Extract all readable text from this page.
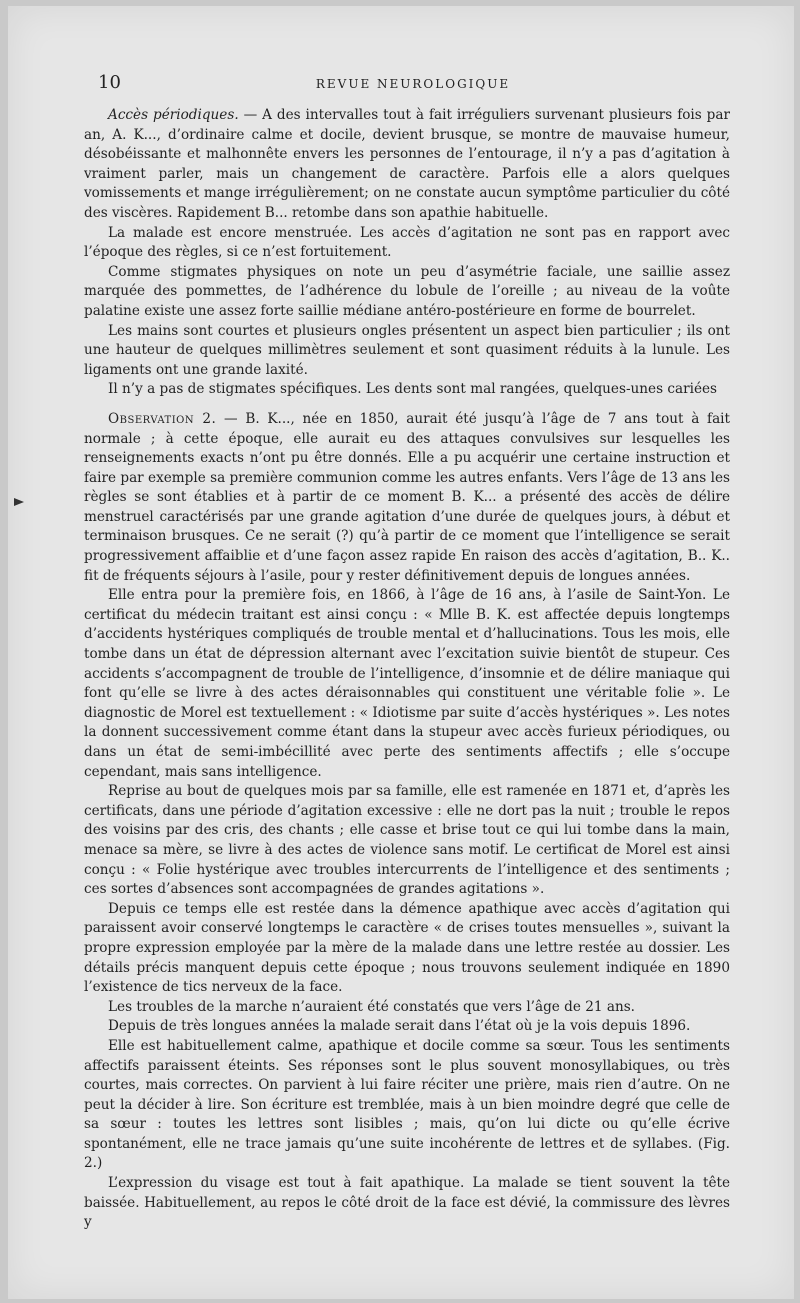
10	REVUE NEUROLOGIQUE

Accès périodiques. — A des intervalles tout à fait irréguliers survenant plusieurs fois par an, A. K..., d’ordinaire calme et docile, devient brusque, se montre de mauvaise humeur, désobéissante et malhonnête envers les personnes de l’entourage, il n’y a pas d’agitation à vraiment parler, mais un changement de caractère. Parfois elle a alors quelques vomissements et mange irrégulièrement; on ne constate aucun symptôme particulier du côté des viscères. Rapidement B... retombe dans son apathie habituelle.

La malade est encore menstruée. Les accès d’agitation ne sont pas en rapport avec l’époque des règles, si ce n’est fortuitement.

Comme stigmates physiques on note un peu d’asymétrie faciale, une saillie assez marquée des pommettes, de l’adhérence du lobule de l’oreille ; au niveau de la voûte palatine existe une assez forte saillie médiane antéro-postérieure en forme de bourrelet.

Les mains sont courtes et plusieurs ongles présentent un aspect bien particulier ; ils ont une hauteur de quelques millimètres seulement et sont quasiment réduits à la lunule. Les ligaments ont une grande laxité.

Il n’y a pas de stigmates spécifiques. Les dents sont mal rangées, quelques-unes cariées

Observation 2. — B. K..., née en 1850, aurait été jusqu’à l’âge de 7 ans tout à fait normale ; à cette époque, elle aurait eu des attaques convulsives sur lesquelles les renseignements exacts n’ont pu être donnés. Elle a pu acquérir une certaine instruction et faire par exemple sa première communion comme les autres enfants. Vers l’âge de 13 ans les règles se sont établies et à partir de ce moment B. K... a présenté des accès de délire menstruel caractérisés par une grande agitation d’une durée de quelques jours, à début et terminaison brusques. Ce ne serait (?) qu’à partir de ce moment que l’intelligence se serait progressivement affaiblie et d’une façon assez rapide En raison des accès d’agitation, B.. K.. fit de fréquents séjours à l’asile, pour y rester définitivement depuis de longues années.

Elle entra pour la première fois, en 1866, à l’âge de 16 ans, à l’asile de Saint-Yon. Le certificat du médecin traitant est ainsi conçu : « Mlle B. K. est affectée depuis longtemps d’accidents hystériques compliqués de trouble mental et d’hallucinations. Tous les mois, elle tombe dans un état de dépression alternant avec l’excitation suivie bientôt de stupeur. Ces accidents s’accompagnent de trouble de l’intelligence, d’insomnie et de délire maniaque qui font qu’elle se livre à des actes déraisonnables qui constituent une véritable folie ». Le diagnostic de Morel est textuellement : « Idiotisme par suite d’accès hystériques ». Les notes la donnent successivement comme étant dans la stupeur avec accès furieux périodiques, ou dans un état de semi-imbécillité avec perte des sentiments affectifs ; elle s’occupe cependant, mais sans intelligence.

Reprise au bout de quelques mois par sa famille, elle est ramenée en 1871 et, d’après les certificats, dans une période d’agitation excessive : elle ne dort pas la nuit ; trouble le repos des voisins par des cris, des chants ; elle casse et brise tout ce qui lui tombe dans la main, menace sa mère, se livre à des actes de violence sans motif. Le certificat de Morel est ainsi conçu : « Folie hystérique avec troubles intercurrents de l’intelligence et des sentiments ; ces sortes d’absences sont accompagnées de grandes agitations ».

Depuis ce temps elle est restée dans la démence apathique avec accès d’agitation qui paraissent avoir conservé longtemps le caractère « de crises toutes mensuelles », suivant la propre expression employée par la mère de la malade dans une lettre restée au dossier. Les détails précis manquent depuis cette époque ; nous trouvons seulement indiquée en 1890 l’existence de tics nerveux de la face.

Les troubles de la marche n’auraient été constatés que vers l’âge de 21 ans.

Depuis de très longues années la malade serait dans l’état où je la vois depuis 1896.

Elle est habituellement calme, apathique et docile comme sa sœur. Tous les sentiments affectifs paraissent éteints. Ses réponses sont le plus souvent monosyllabiques, ou très courtes, mais correctes. On parvient à lui faire réciter une prière, mais rien d’autre. On ne peut la décider à lire. Son écriture est tremblée, mais à un bien moindre degré que celle de sa sœur : toutes les lettres sont lisibles ; mais, qu’on lui dicte ou qu’elle écrive spontanément, elle ne trace jamais qu’une suite incohérente de lettres et de syllabes. (Fig. 2.)

L’expression du visage est tout à fait apathique. La malade se tient souvent la tête baissée. Habituellement, au repos le côté droit de la face est dévié, la commissure des lèvres y
